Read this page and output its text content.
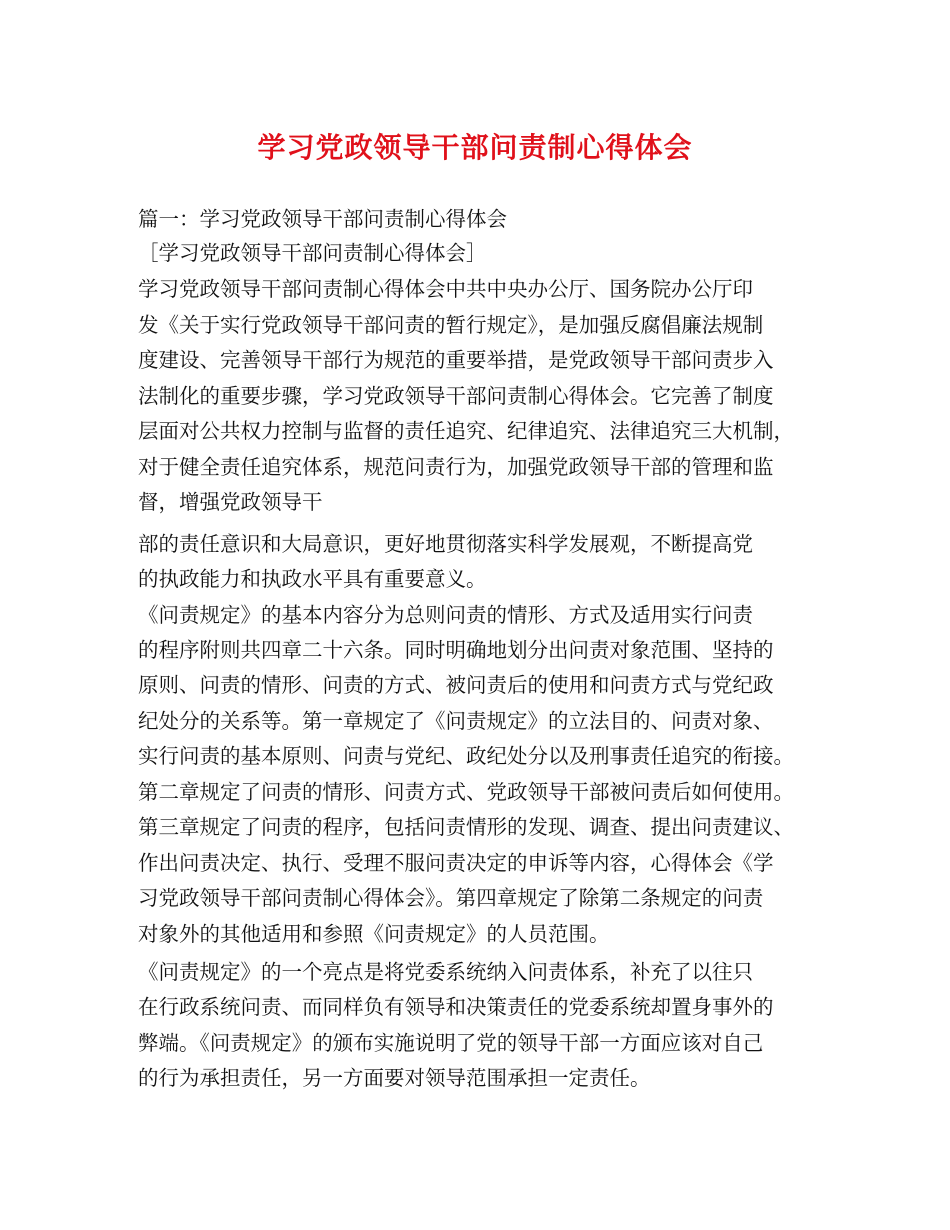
学习党政领导干部问责制心得体会
篇一：学习党政领导干部问责制心得体会
［学习党政领导干部问责制心得体会］
学习党政领导干部问责制心得体会中共中央办公厅、国务院办公厅印
发《关于实行党政领导干部问责的暂行规定》，是加强反腐倡廉法规制
度建设、完善领导干部行为规范的重要举措，是党政领导干部问责步入
法制化的重要步骤，学习党政领导干部问责制心得体会。它完善了制度
层面对公共权力控制与监督的责任追究、纪律追究、法律追究三大机制，
对于健全责任追究体系，规范问责行为，加强党政领导干部的管理和监
督，增强党政领导干
部的责任意识和大局意识，更好地贯彻落实科学发展观，不断提高党
的执政能力和执政水平具有重要意义。
《问责规定》的基本内容分为总则问责的情形、方式及适用实行问责
的程序附则共四章二十六条。同时明确地划分出问责对象范围、坚持的
原则、问责的情形、问责的方式、被问责后的使用和问责方式与党纪政
纪处分的关系等。第一章规定了《问责规定》的立法目的、问责对象、
实行问责的基本原则、问责与党纪、政纪处分以及刑事责任追究的衔接。
第二章规定了问责的情形、问责方式、党政领导干部被问责后如何使用。
第三章规定了问责的程序，包括问责情形的发现、调查、提出问责建议、
作出问责决定、执行、受理不服问责决定的申诉等内容，心得体会《学
习党政领导干部问责制心得体会》。第四章规定了除第二条规定的问责
对象外的其他适用和参照《问责规定》的人员范围。
《问责规定》的一个亮点是将党委系统纳入问责体系，补充了以往只
在行政系统问责、而同样负有领导和决策责任的党委系统却置身事外的
弊端。《问责规定》的颁布实施说明了党的领导干部一方面应该对自己
的行为承担责任，另一方面要对领导范围承担一定责任。
